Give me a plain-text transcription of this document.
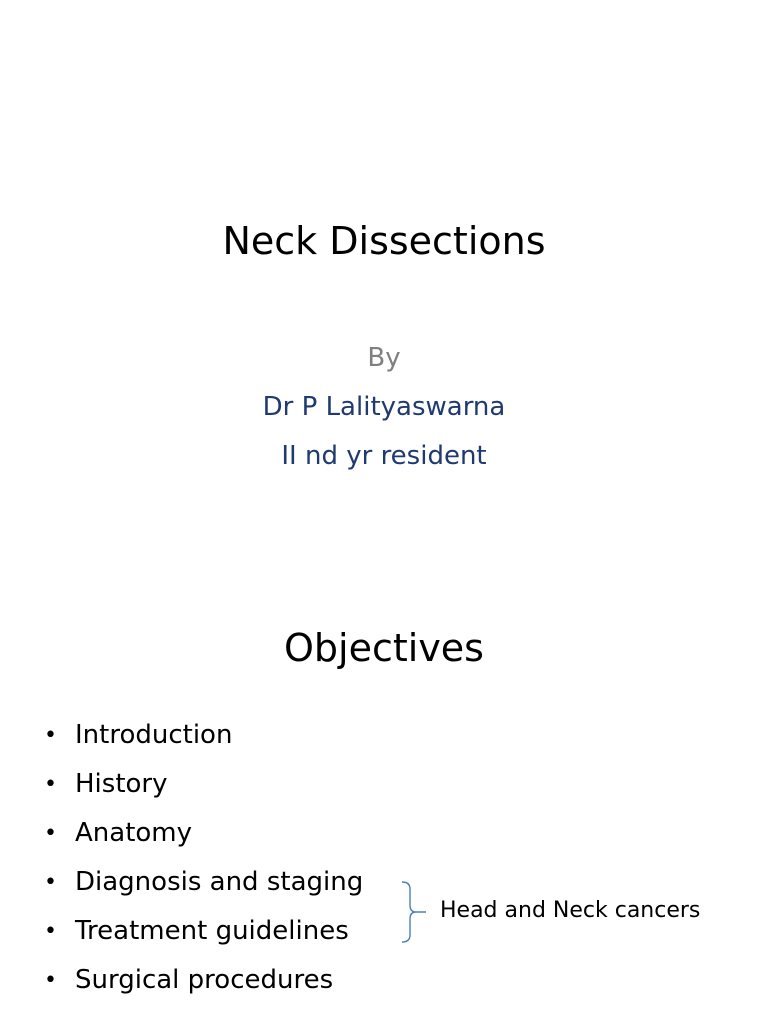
Neck Dissections
By
Dr P Lalityaswarna
II nd yr resident
Objectives
• Introduction
• History
• Anatomy
• Diagnosis and staging
• Treatment guidelines
• Surgical procedures
Head and Neck cancers
